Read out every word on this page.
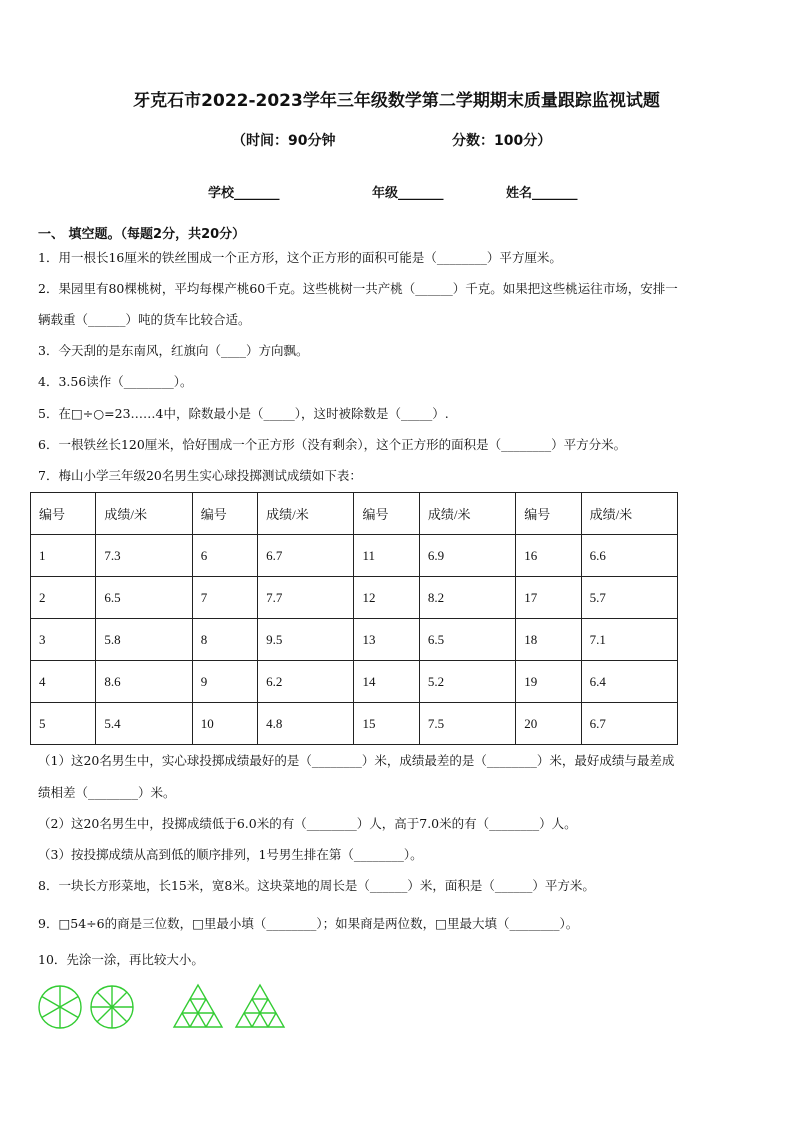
牙克石市2022-2023学年三年级数学第二学期期末质量跟踪监视试题
（时间：90分钟	分数：100分）
学校_______	年级_______	姓名_______
一、 填空题。（每题2分，共20分）
1．用一根长16厘米的铁丝围成一个正方形，这个正方形的面积可能是（________）平方厘米。
2．果园里有80棵桃树，平均每棵产桃60千克。这些桃树一共产桃（______）千克。如果把这些桃运往市场，安排一
辆载重（______）吨的货车比较合适。
3．今天刮的是东南风，红旗向（____）方向飘。
4．3.56读作（________）。
5．在□÷○=23……4中，除数最小是（_____），这时被除数是（_____）.
6．一根铁丝长120厘米，恰好围成一个正方形（没有剩余），这个正方形的面积是（________）平方分米。
7．梅山小学三年级20名男生实心球投掷测试成绩如下表：
编号	成绩/米	编号	成绩/米	编号	成绩/米	编号	成绩/米
1	7.3	6	6.7	11	6.9	16	6.6
2	6.5	7	7.7	12	8.2	17	5.7
3	5.8	8	9.5	13	6.5	18	7.1
4	8.6	9	6.2	14	5.2	19	6.4
5	5.4	10	4.8	15	7.5	20	6.7
（1）这20名男生中，实心球投掷成绩最好的是（________）米，成绩最差的是（________）米，最好成绩与最差成
绩相差（________）米。
（2）这20名男生中，投掷成绩低于6.0米的有（________）人，高于7.0米的有（________）人。
（3）按投掷成绩从高到低的顺序排列，1号男生排在第（________）。
8．一块长方形菜地，长15米，宽8米。这块菜地的周长是（______）米，面积是（______）平方米。
9．□54÷6的商是三位数，□里最小填（________）；如果商是两位数，□里最大填（________）。
10．先涂一涂，再比较大小。
